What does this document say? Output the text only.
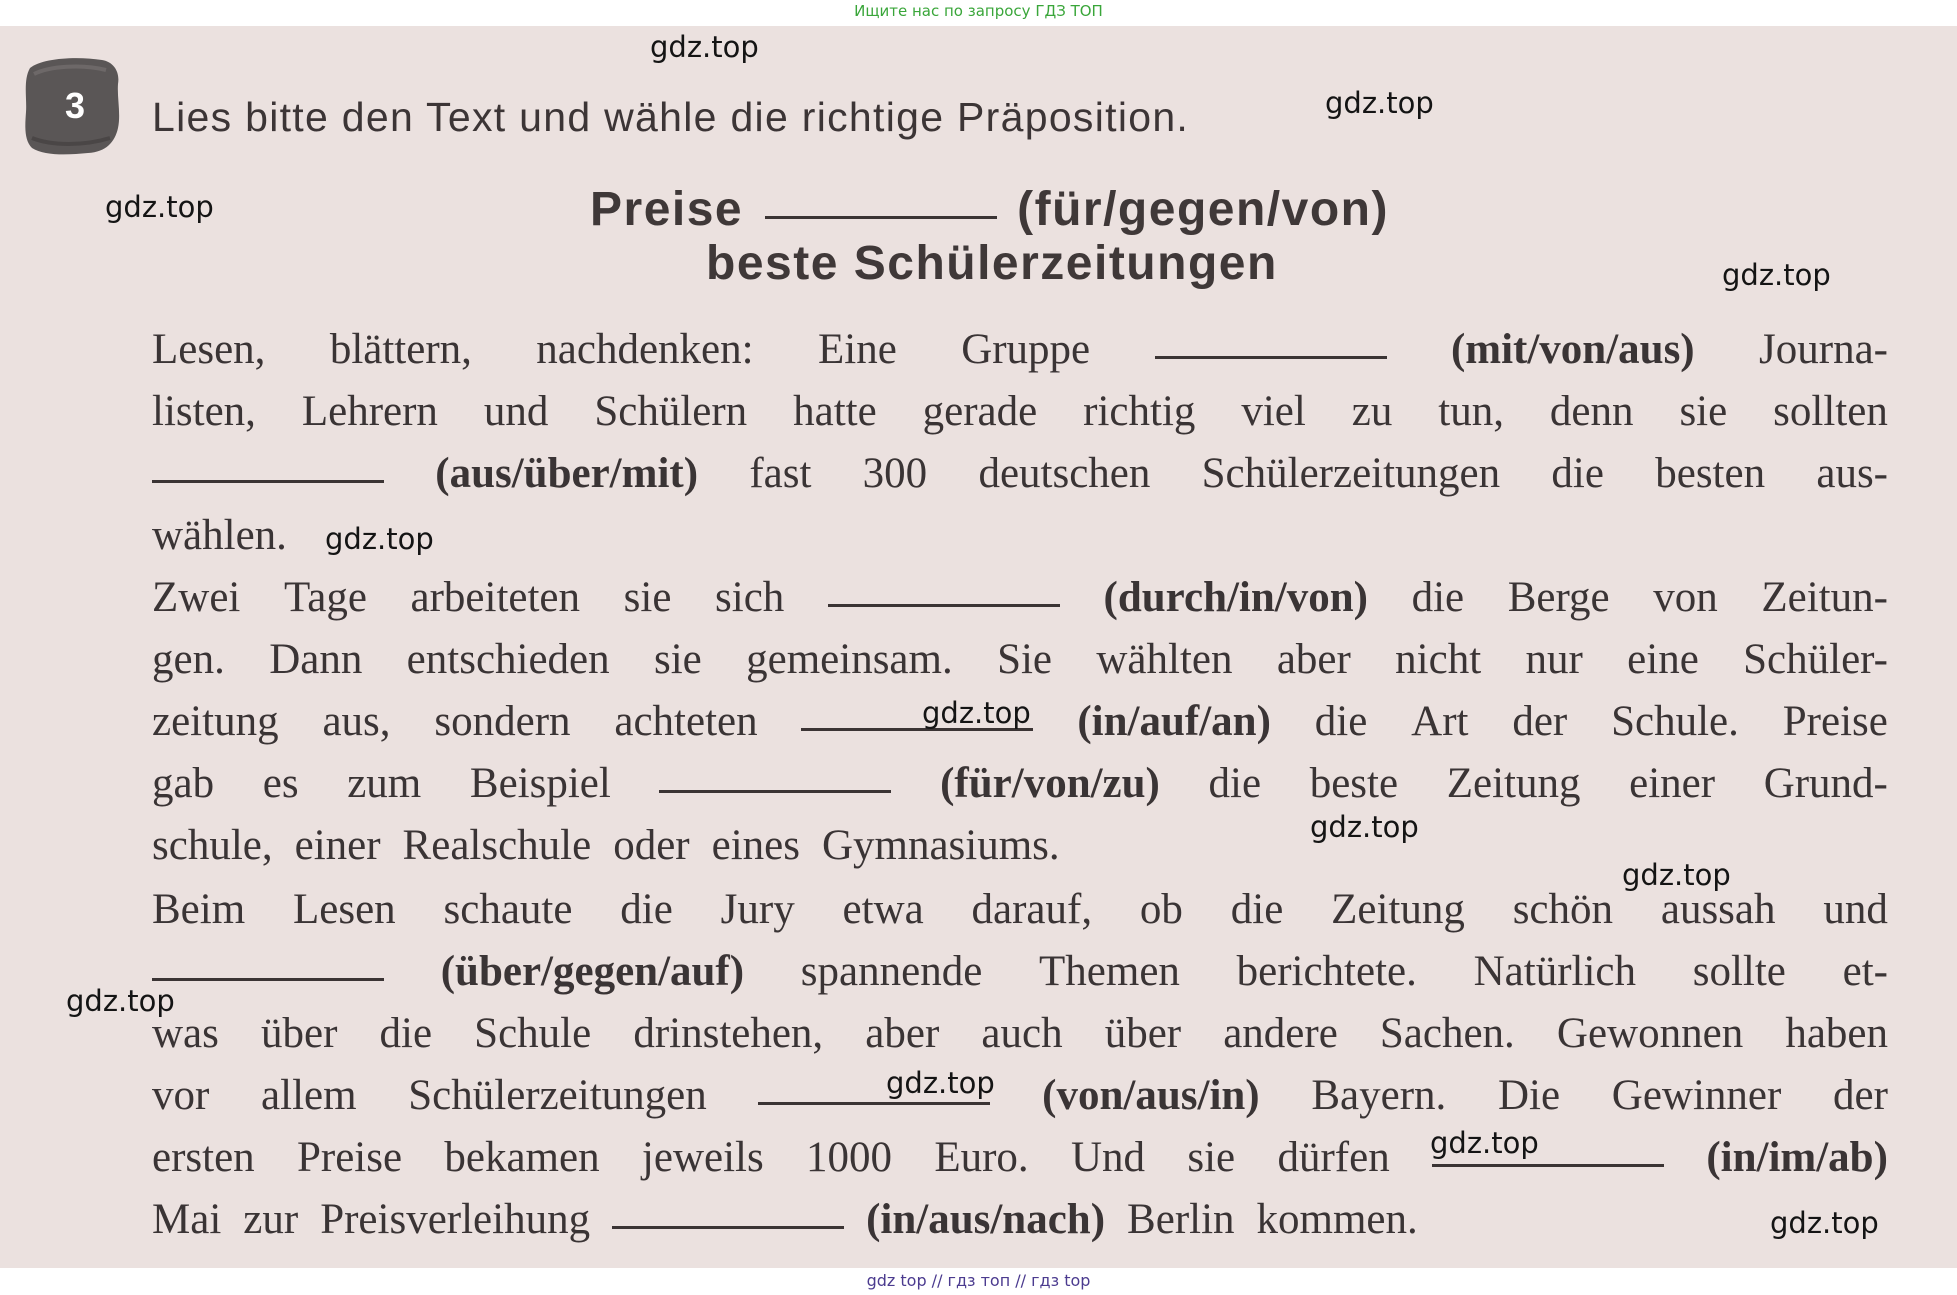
Ищите нас по запросу ГДЗ ТОП
3	Lies bitte den Text und wähle die richtige Präposition.
Preise	(für/gegen/von)
beste Schülerzeitungen
Lesen, blättern, nachdenken: Eine Gruppe	(mit/von/aus) Journa-
listen, Lehrern und Schülern hatte gerade richtig viel zu tun, denn sie sollten
(aus/über/mit) fast 300 deutschen Schülerzeitungen die besten aus-
wählen.
Zwei Tage arbeiteten sie sich	(durch/in/von) die Berge von Zeitun-
gen. Dann entschieden sie gemeinsam. Sie wählten aber nicht nur eine Schüler-
zeitung aus, sondern achteten	(in/auf/an) die Art der Schule. Preise
gab es zum Beispiel	(für/von/zu) die beste Zeitung einer Grund-
schule, einer Realschule oder eines Gymnasiums.
Beim Lesen schaute die Jury etwa darauf, ob die Zeitung schön aussah und
(über/gegen/auf) spannende Themen berichtete. Natürlich sollte et-
was über die Schule drinstehen, aber auch über andere Sachen. Gewonnen haben
vor allem Schülerzeitungen	(von/aus/in) Bayern. Die Gewinner der
ersten Preise bekamen jeweils 1000 Euro. Und sie dürfen	(in/im/ab)
Mai zur Preisverleihung	(in/aus/nach) Berlin kommen.
gdz.top
gdz.top
gdz.top
gdz.top
gdz.top
gdz.top
gdz.top
gdz.top
gdz.top
gdz.top
gdz.top
gdz.top
gdz top // гдз топ // гдз top
